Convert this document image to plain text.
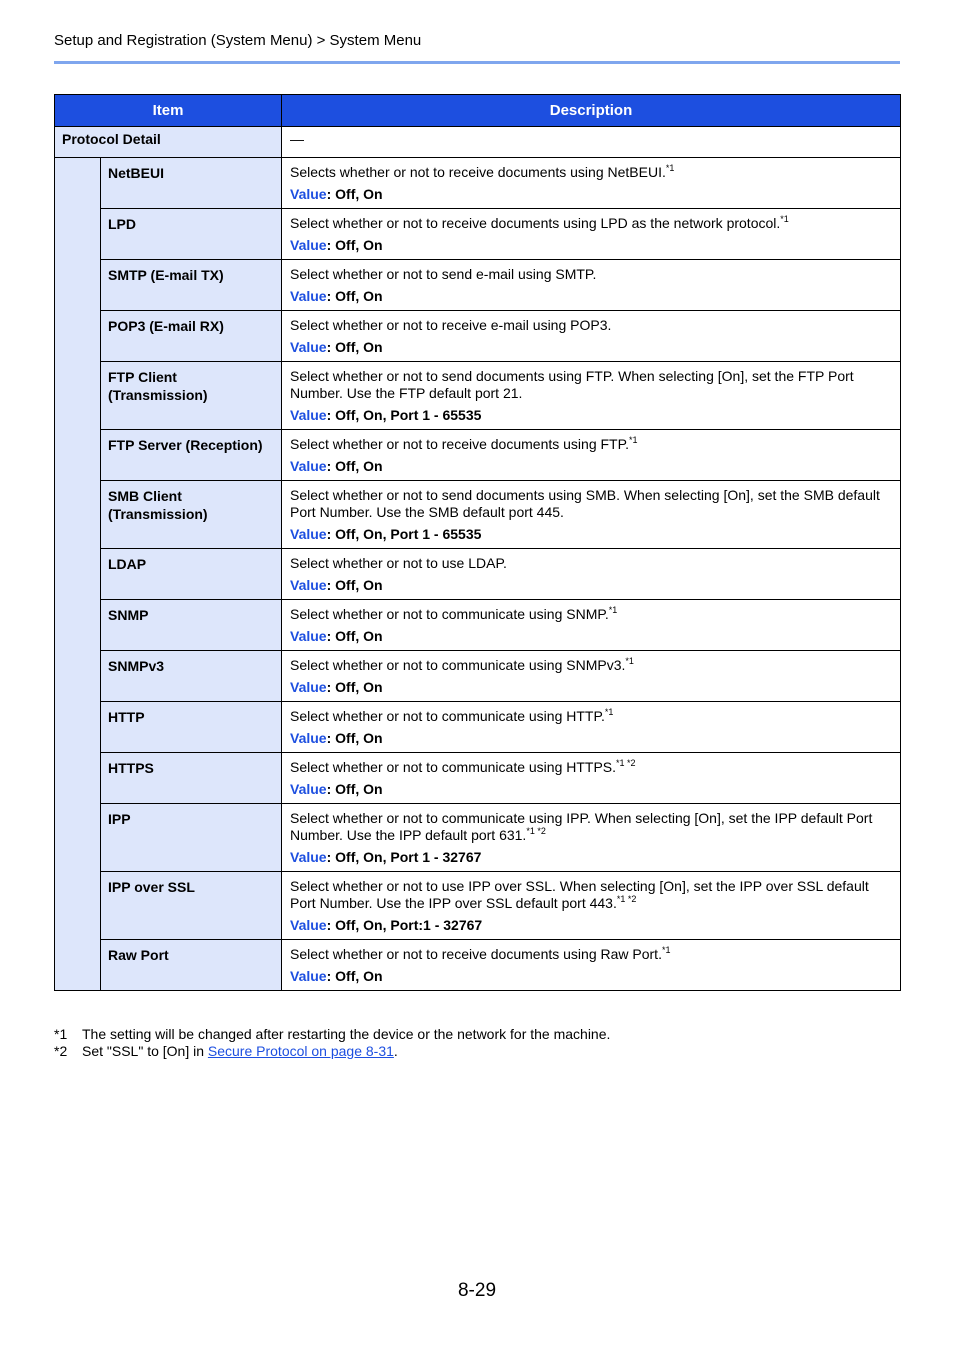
Setup and Registration (System Menu) > System Menu
Item		Description
Protocol Detail		—
	NetBEUI	Selects whether or not to receive documents using NetBEUI.$^{*1}$
Value: Off, On

	LPD	Select whether or not to receive documents using LPD as the network protocol.$^{*1}$
Value: Off, On

	SMTP (E-mail TX)	Select whether or not to send e-mail using SMTP.
Value: Off, On

	POP3 (E-mail RX)	Select whether or not to receive e-mail using POP3.
Value: Off, On

	FTP Client (Transmission)	Select whether or not to send documents using FTP. When selecting [On], set the FTP Port Number. Use the FTP default port 21.
Value: Off, On, Port 1 - 65535

	FTP Server (Reception)	Select whether or not to receive documents using FTP.$^{*1}$
Value: Off, On

	SMB Client (Transmission)	Select whether or not to send documents using SMB. When selecting [On], set the SMB default Port Number. Use the SMB default port 445.
Value: Off, On, Port 1 - 65535

	LDAP	Select whether or not to use LDAP.
Value: Off, On

	SNMP	Select whether or not to communicate using SNMP.$^{*1}$
Value: Off, On

	SNMPv3	Select whether or not to communicate using SNMPv3.$^{*1}$
Value: Off, On

	HTTP	Select whether or not to communicate using HTTP.$^{*1}$
Value: Off, On

	HTTPS	Select whether or not to communicate using HTTPS.$^{*1 *2}$
Value: Off, On

	IPP	Select whether or not to communicate using IPP. When selecting [On], set the IPP default Port Number. Use the IPP default port 631.$^{*1 *2}$
Value: Off, On, Port 1 - 32767

	IPP over SSL	Select whether or not to use IPP over SSL. When selecting [On], set the IPP over SSL default Port Number. Use the IPP over SSL default port 443.$^{*1 *2}$
Value: Off, On, Port:1 - 32767

	Raw Port	Select whether or not to receive documents using Raw Port.$^{*1}$
Value: Off, On
*1	The setting will be changed after restarting the device or the network for the machine.
*2	Set "SSL" to [On] in Secure Protocol on page 8-31.
8-29
